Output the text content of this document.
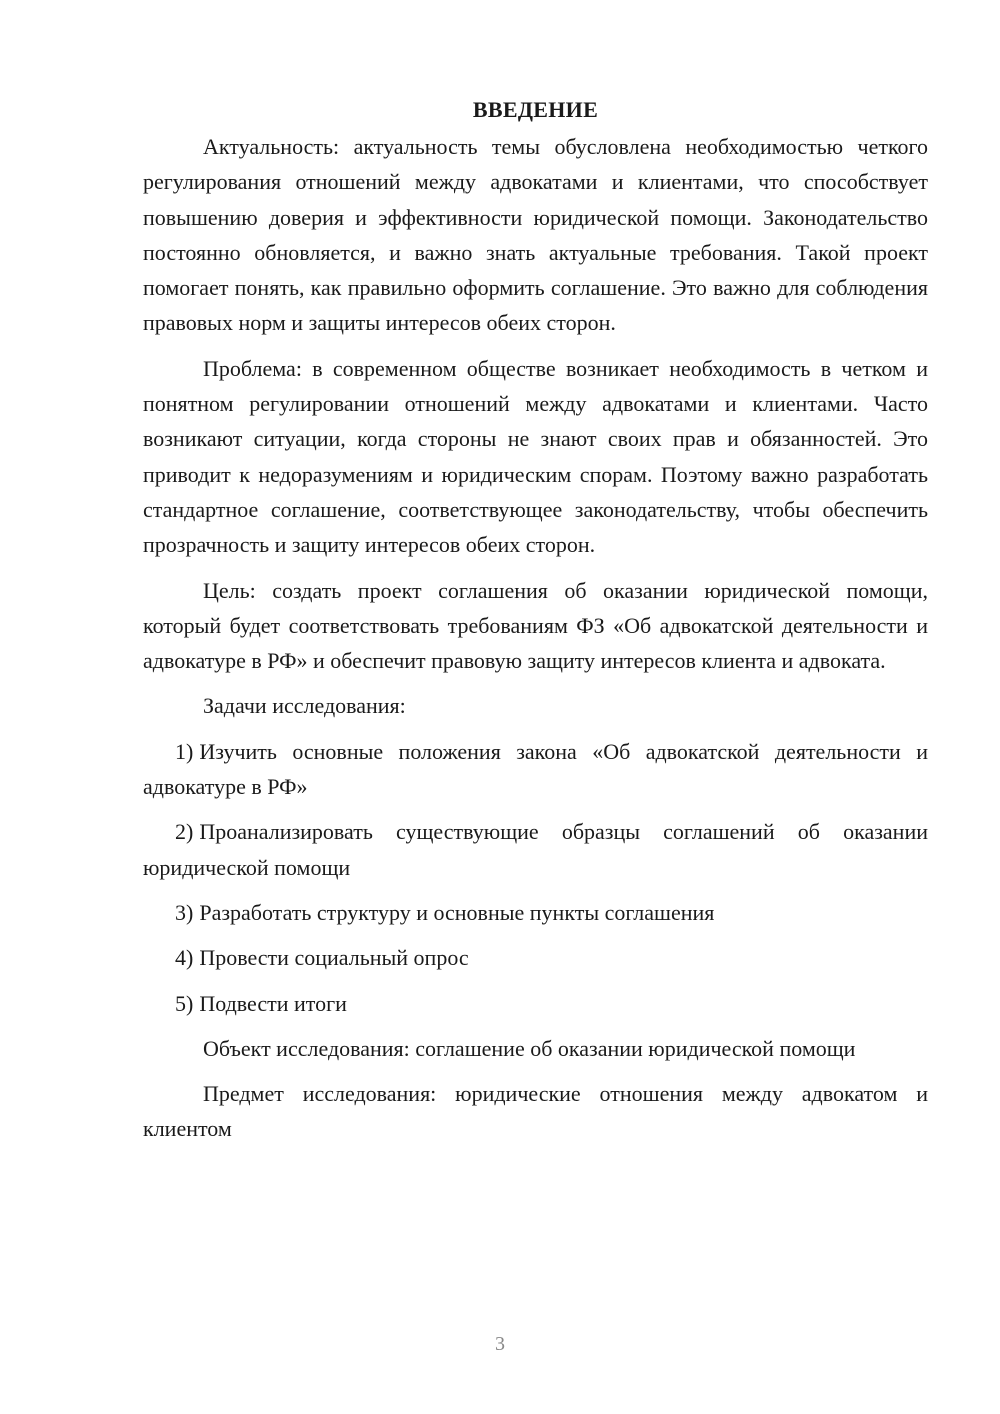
ВВЕДЕНИЕ

Актуальность: актуальность темы обусловлена необходимостью четкого регулирования отношений между адвокатами и клиентами, что способствует повышению доверия и эффективности юридической помощи. Законодательство постоянно обновляется, и важно знать актуальные требования. Такой проект помогает понять, как правильно оформить соглашение. Это важно для соблюдения правовых норм и защиты интересов обеих сторон.

Проблема: в современном обществе возникает необходимость в четком и понятном регулировании отношений между адвокатами и клиентами. Часто возникают ситуации, когда стороны не знают своих прав и обязанностей. Это приводит к недоразумениям и юридическим спорам. Поэтому важно разработать стандартное соглашение, соответствующее законодательству, чтобы обеспечить прозрачность и защиту интересов обеих сторон.

Цель: создать проект соглашения об оказании юридической помощи, который будет соответствовать требованиям ФЗ «Об адвокатской деятельности и адвокатуре в РФ» и обеспечит правовую защиту интересов клиента и адвоката.

Задачи исследования:

1) Изучить основные положения закона «Об адвокатской деятельности и адвокатуре в РФ»

2) Проанализировать существующие образцы соглашений об оказании юридической помощи

3) Разработать структуру и основные пункты соглашения

4) Провести социальный опрос

5) Подвести итоги

Объект исследования: соглашение об оказании юридической помощи

Предмет исследования: юридические отношения между адвокатом и клиентом

3
